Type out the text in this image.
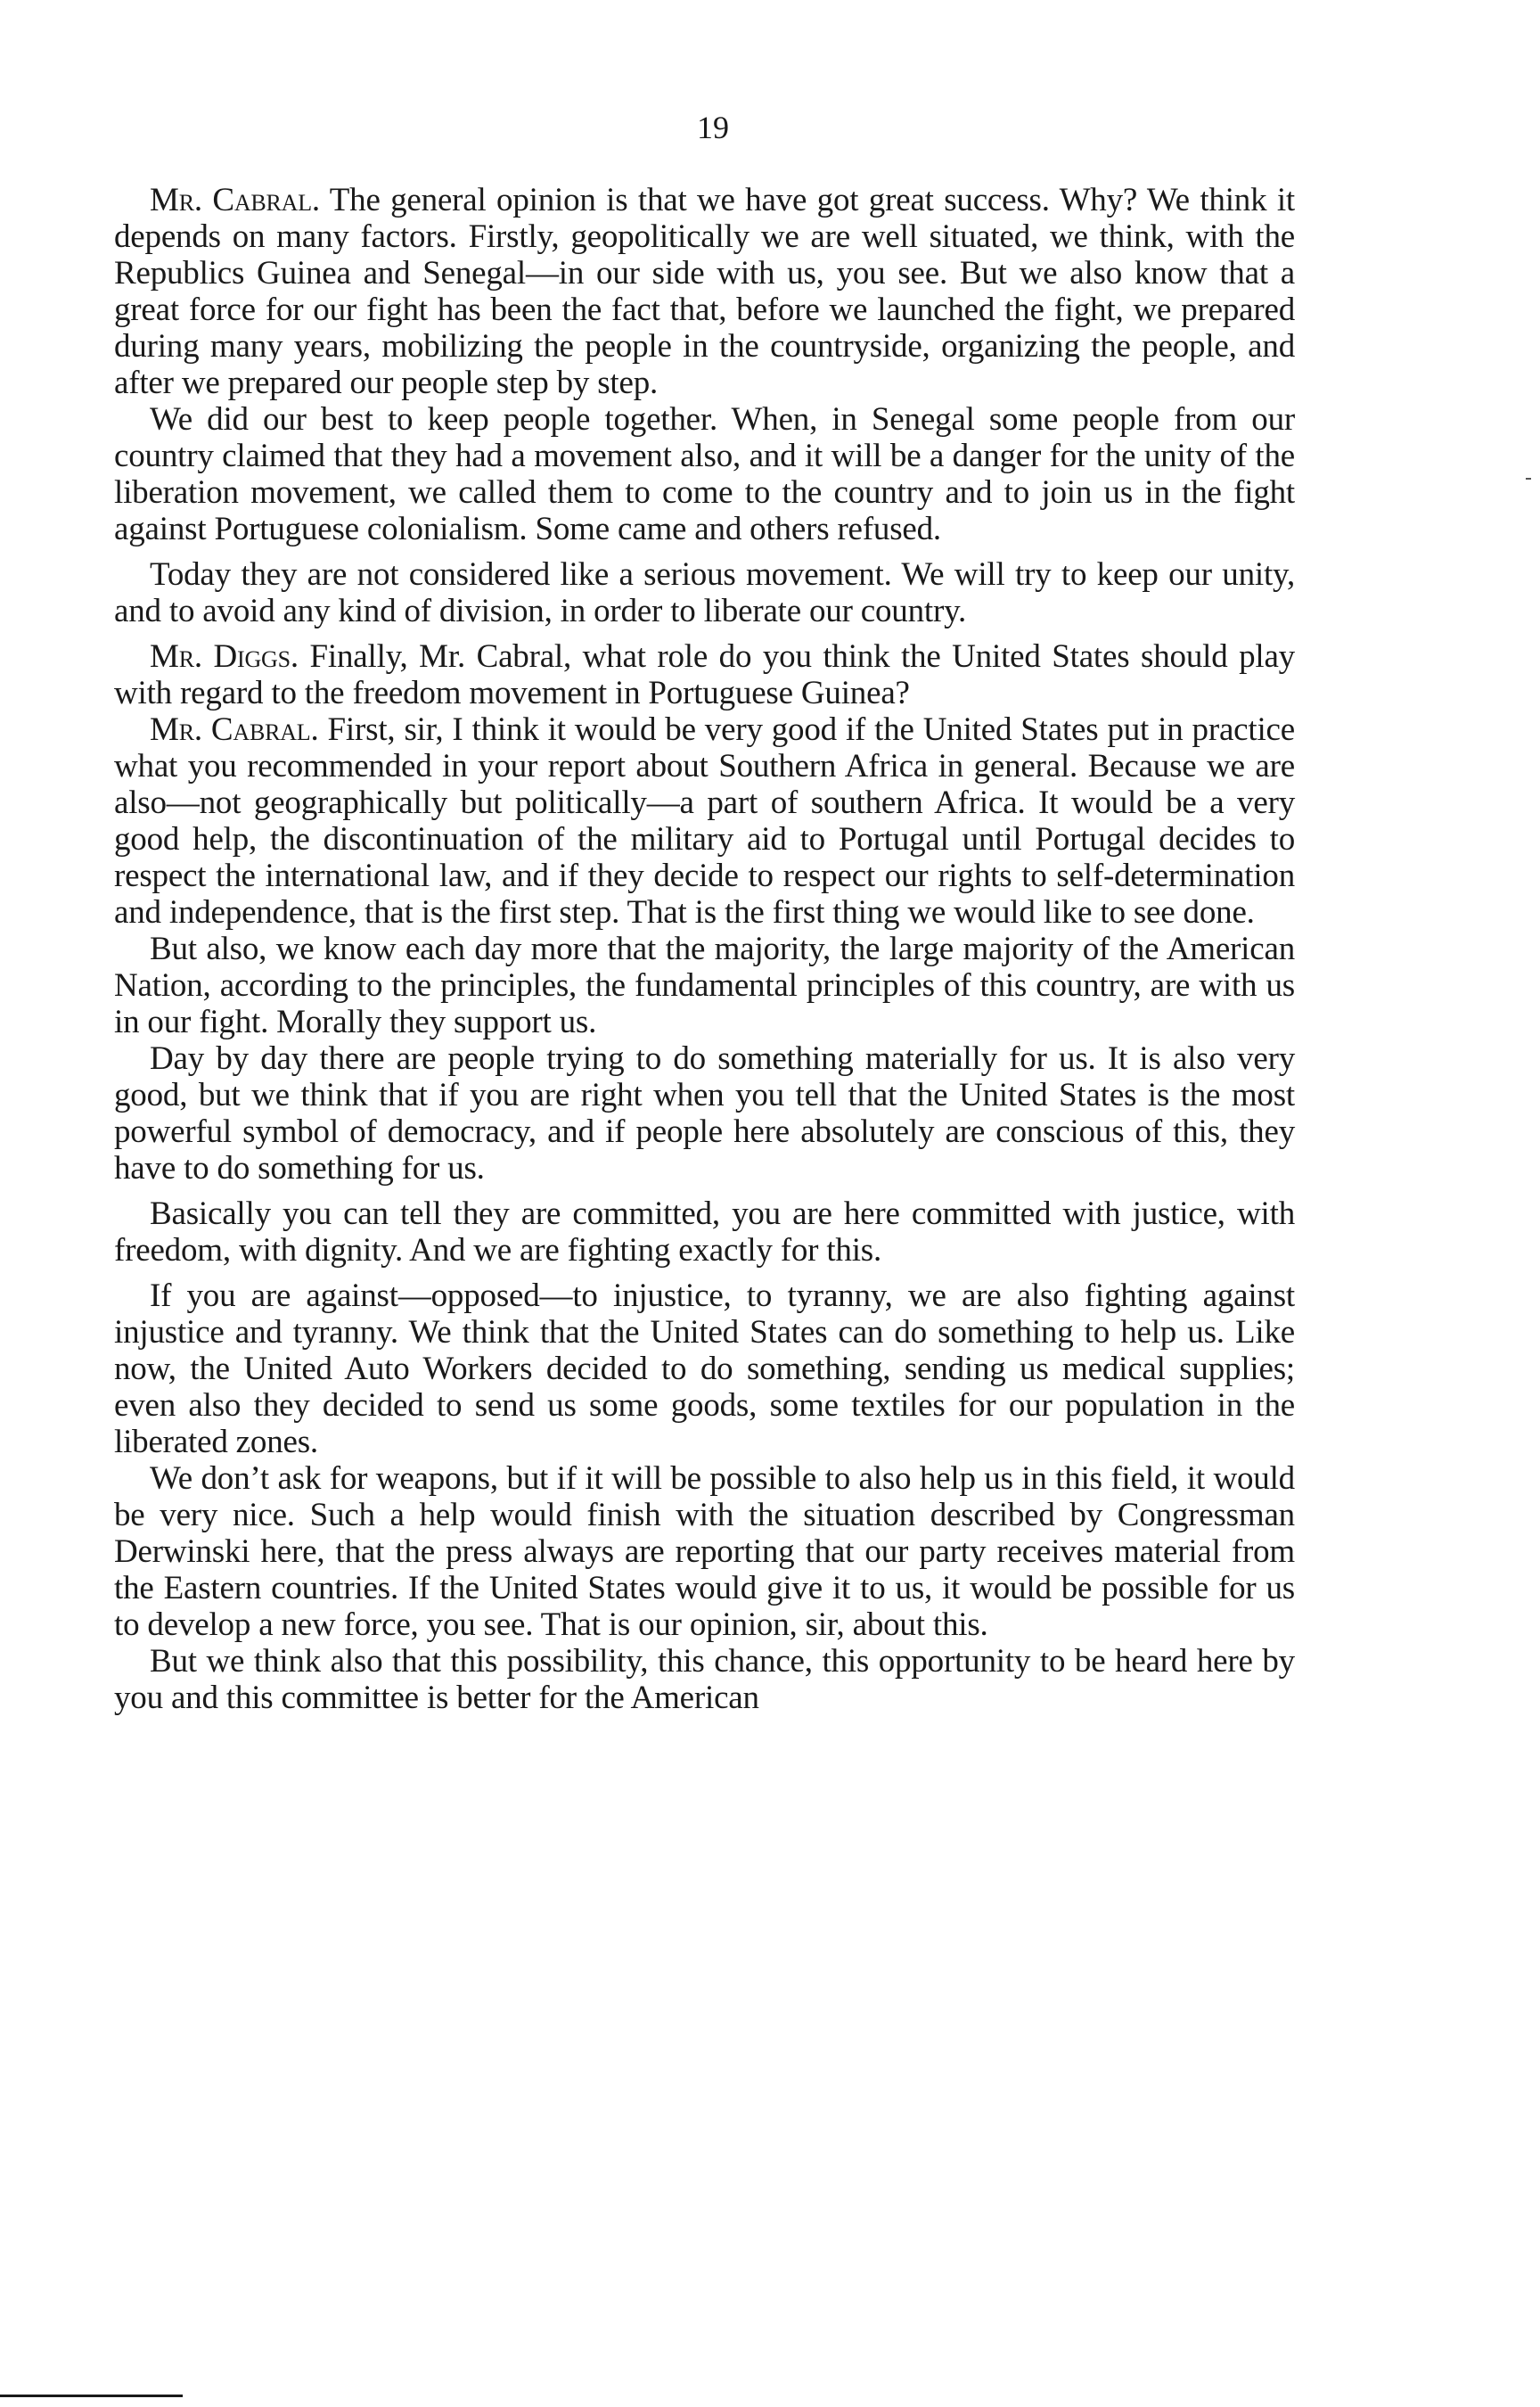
19

Mr. Cabral. The general opinion is that we have got great success. Why? We think it depends on many factors. Firstly, geopolitically we are well situated, we think, with the Republics Guinea and Senegal—in our side with us, you see. But we also know that a great force for our fight has been the fact that, before we launched the fight, we prepared during many years, mobilizing the people in the countryside, organizing the people, and after we prepared our people step by step.

We did our best to keep people together. When, in Senegal some people from our country claimed that they had a movement also, and it will be a danger for the unity of the liberation movement, we called them to come to the country and to join us in the fight against Portuguese colonialism. Some came and others refused.

Today they are not considered like a serious movement. We will try to keep our unity, and to avoid any kind of division, in order to liberate our country.

Mr. Diggs. Finally, Mr. Cabral, what role do you think the United States should play with regard to the freedom movement in Portuguese Guinea?

Mr. Cabral. First, sir, I think it would be very good if the United States put in practice what you recommended in your report about Southern Africa in general. Because we are also—not geographically but politically—a part of southern Africa. It would be a very good help, the discontinuation of the military aid to Portugal until Portugal decides to respect the international law, and if they decide to respect our rights to self-determination and independence, that is the first step. That is the first thing we would like to see done.

But also, we know each day more that the majority, the large majority of the American Nation, according to the principles, the fundamental principles of this country, are with us in our fight. Morally they support us.

Day by day there are people trying to do something materially for us. It is also very good, but we think that if you are right when you tell that the United States is the most powerful symbol of democracy, and if people here absolutely are conscious of this, they have to do something for us.

Basically you can tell they are committed, you are here committed with justice, with freedom, with dignity. And we are fighting exactly for this.

If you are against—opposed—to injustice, to tyranny, we are also fighting against injustice and tyranny. We think that the United States can do something to help us. Like now, the United Auto Workers decided to do something, sending us medical supplies; even also they decided to send us some goods, some textiles for our population in the liberated zones.

We don’t ask for weapons, but if it will be possible to also help us in this field, it would be very nice. Such a help would finish with the situation described by Congressman Derwinski here, that the press always are reporting that our party receives material from the Eastern countries. If the United States would give it to us, it would be possible for us to develop a new force, you see. That is our opinion, sir, about this.

But we think also that this possibility, this chance, this opportunity to be heard here by you and this committee is better for the American
